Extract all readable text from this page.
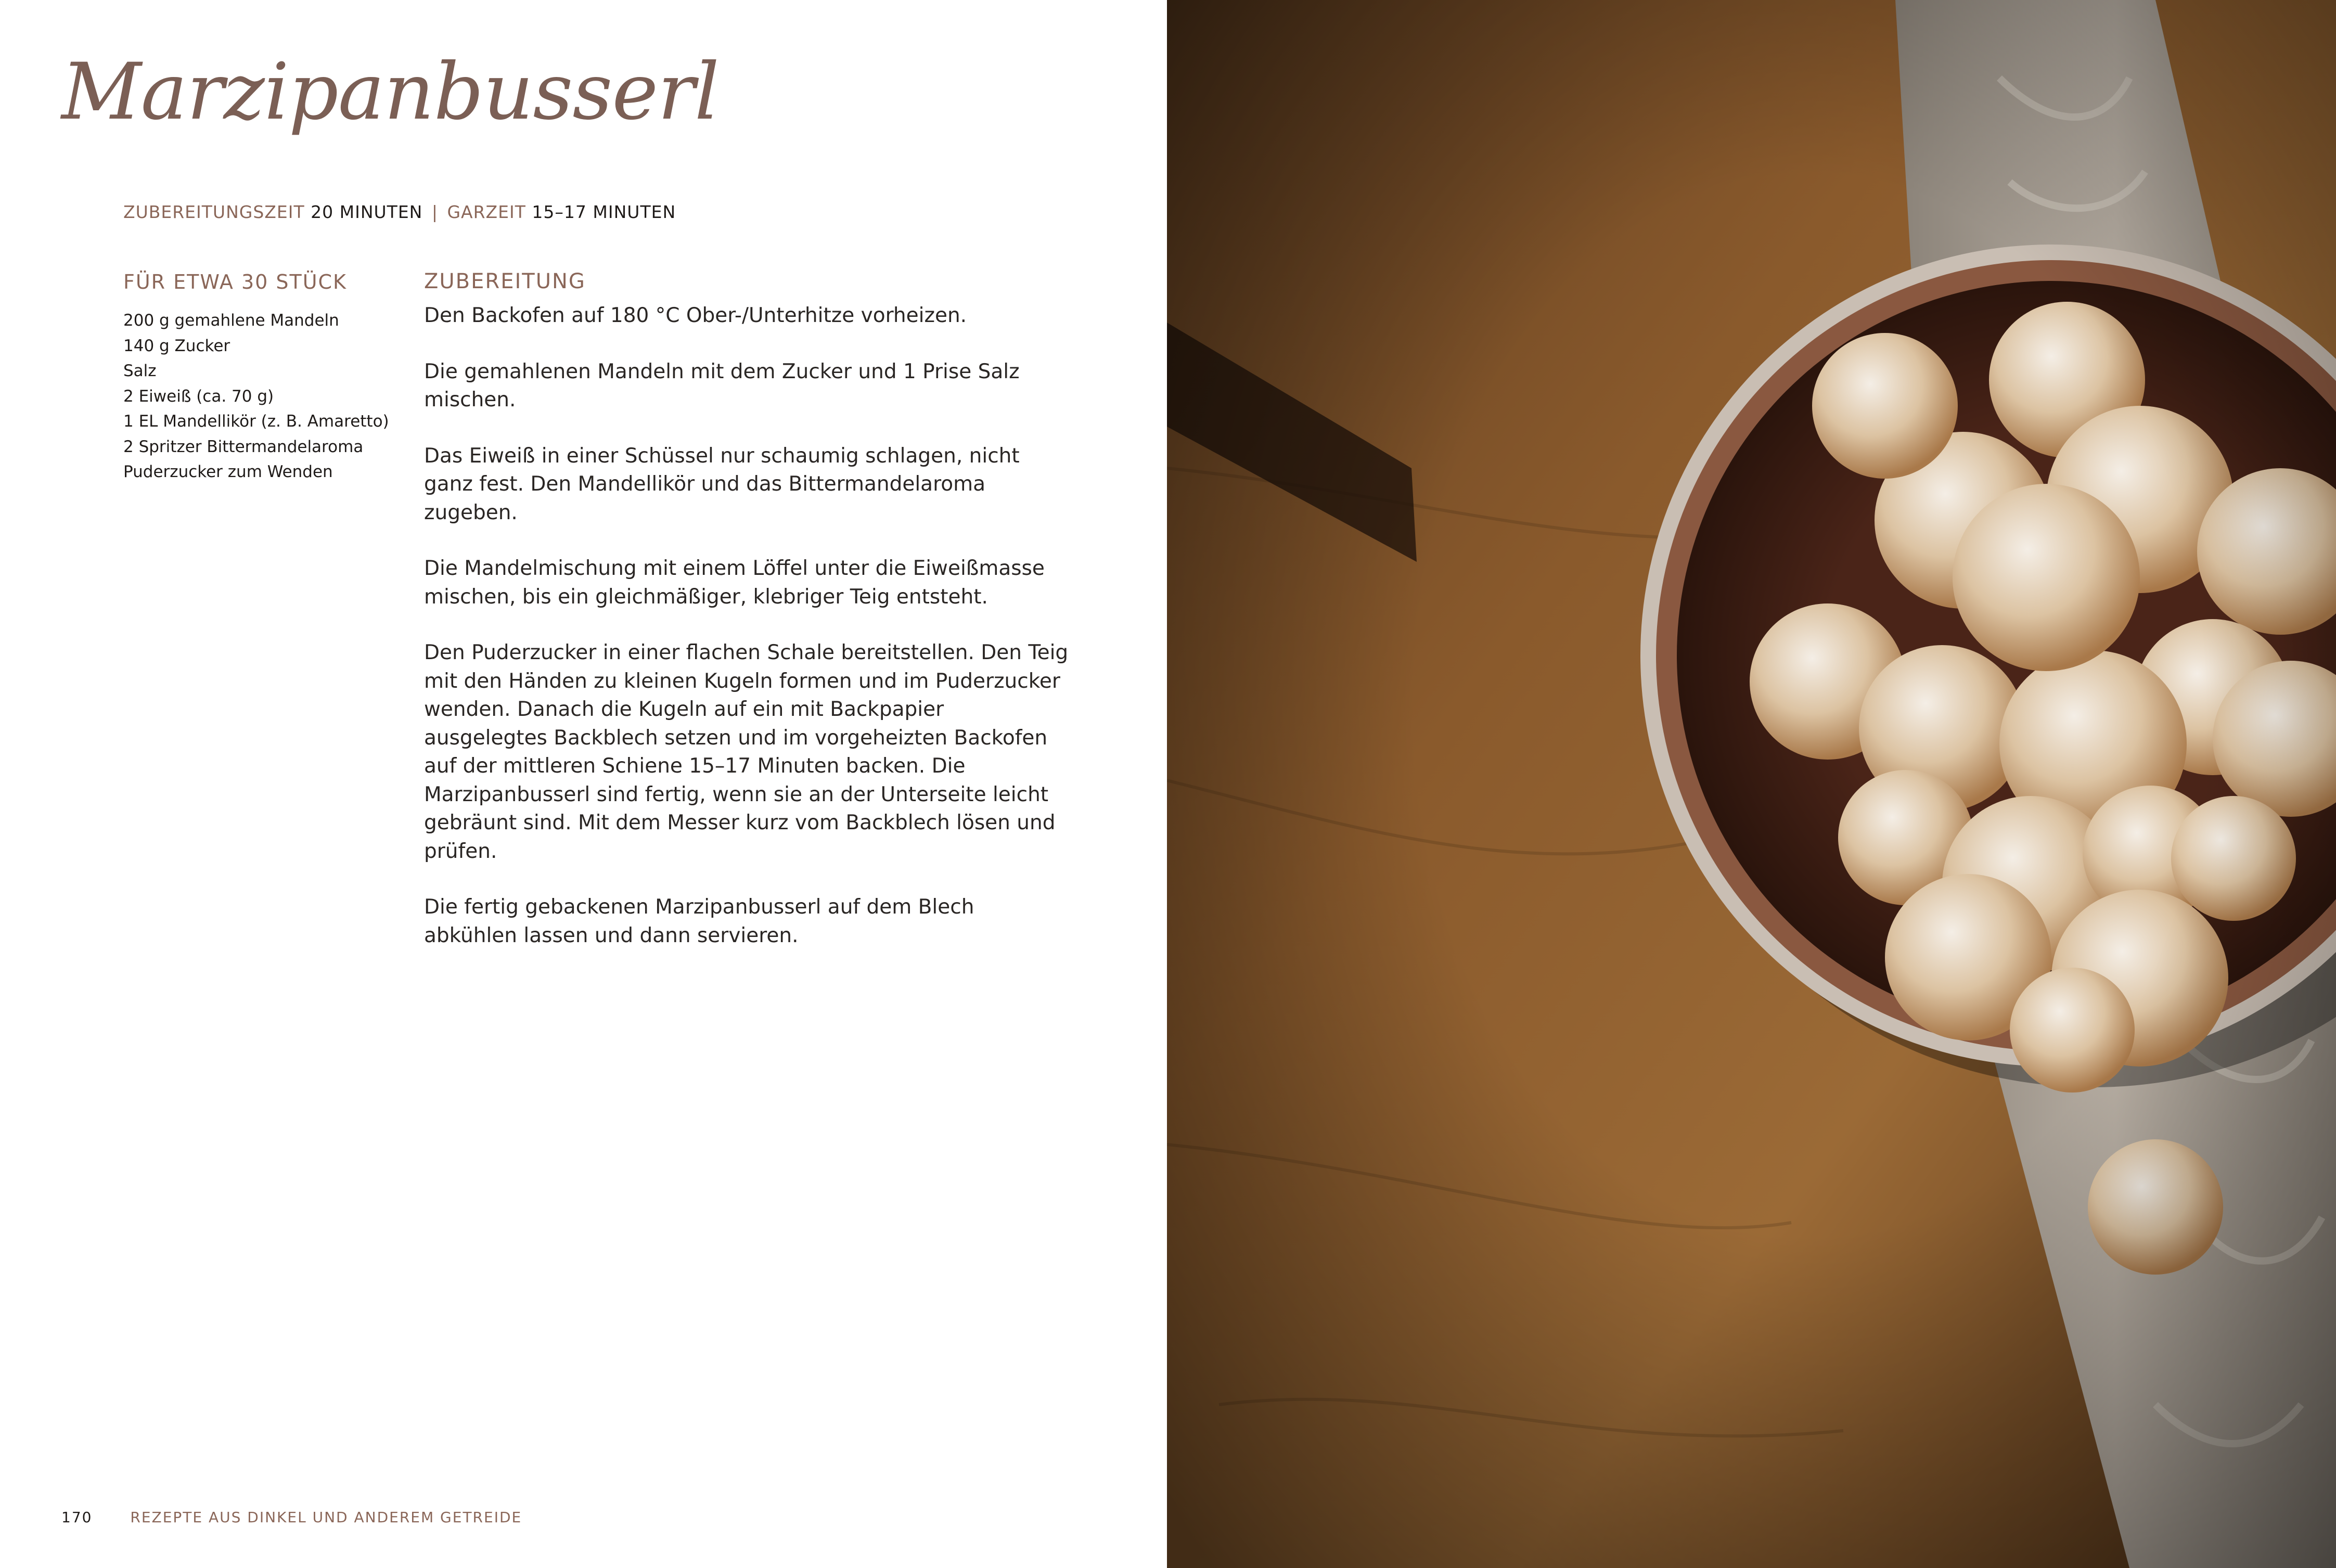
Marzipanbusserl
ZUBEREITUNGSZEIT 20 MINUTEN | GARZEIT 15–17 MINUTEN
FÜR ETWA 30 STÜCK
200 g gemahlene Mandeln
140 g Zucker
Salz
2 Eiweiß (ca. 70 g)
1 EL Mandellikör (z. B. Amaretto)
2 Spritzer Bittermandelaroma
Puderzucker zum Wenden
ZUBEREITUNG

Den Backofen auf 180 °C Ober-/Unterhitze vorheizen.

Die gemahlenen Mandeln mit dem Zucker und 1 Prise Salz mischen.

Das Eiweiß in einer Schüssel nur schaumig schlagen, nicht ganz fest. Den Mandellikör und das Bittermandelaroma zugeben.

Die Mandelmischung mit einem Löffel unter die Eiweißmasse mischen, bis ein gleichmäßiger, klebriger Teig entsteht.

Den Puderzucker in einer flachen Schale bereitstellen. Den Teig mit den Händen zu kleinen Kugeln formen und im Puderzucker wenden. Danach die Kugeln auf ein mit Backpapier ausgelegtes Backblech setzen und im vorgeheizten Backofen auf der mittleren Schiene 15–17 Minuten backen. Die Marzipanbusserl sind fertig, wenn sie an der Unterseite leicht gebräunt sind. Mit dem Messer kurz vom Backblech lösen und prüfen.

Die fertig gebackenen Marzipanbusserl auf dem Blech abkühlen lassen und dann servieren.

170	REZEPTE AUS DINKEL UND ANDEREM GETREIDE
